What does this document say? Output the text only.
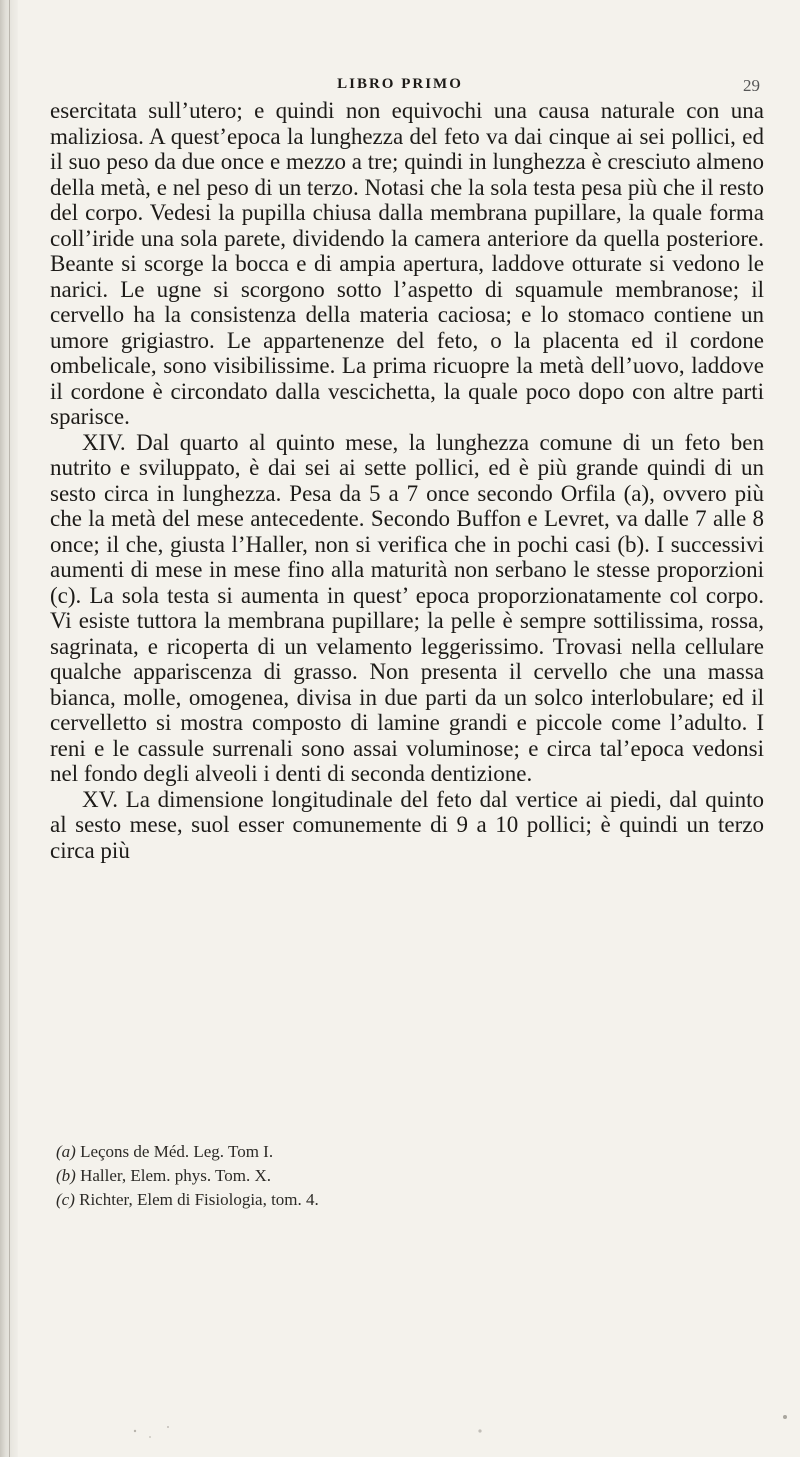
LIBRO PRIMO	29

esercitata sull’utero; e quindi non equivochi una causa naturale con una maliziosa. A quest’epoca la lunghezza del feto va dai cinque ai sei pollici, ed il suo peso da due once e mezzo a tre; quindi in lunghezza è cresciuto almeno della metà, e nel peso di un terzo. Notasi che la sola testa pesa più che il resto del corpo. Vedesi la pupilla chiusa dalla membrana pupillare, la quale forma coll’iride una sola parete, dividendo la camera anteriore da quella posteriore. Beante si scorge la bocca e di ampia apertura, laddove otturate si vedono le narici. Le ugne si scorgono sotto l’aspetto di squamule membranose; il cervello ha la consistenza della materia caciosa; e lo stomaco contiene un umore grigiastro. Le appartenenze del feto, o la placenta ed il cordone ombelicale, sono visibilissime. La prima ricuopre la metà dell’uovo, laddove il cordone è circondato dalla vescichetta, la quale poco dopo con altre parti sparisce.

XIV. Dal quarto al quinto mese, la lunghezza comune di un feto ben nutrito e sviluppato, è dai sei ai sette pollici, ed è più grande quindi di un sesto circa in lunghezza. Pesa da 5 a 7 once secondo Orfila (a), ovvero più che la metà del mese antecedente. Secondo Buffon e Levret, va dalle 7 alle 8 once; il che, giusta l’Haller, non si verifica che in pochi casi (b). I successivi aumenti di mese in mese fino alla maturità non serbano le stesse proporzioni (c). La sola testa si aumenta in quest’ epoca proporzionatamente col corpo. Vi esiste tuttora la membrana pupillare; la pelle è sempre sottilissima, rossa, sagrinata, e ricoperta di un velamento leggerissimo. Trovasi nella cellulare qualche appariscenza di grasso. Non presenta il cervello che una massa bianca, molle, omogenea, divisa in due parti da un solco interlobulare; ed il cervelletto si mostra composto di lamine grandi e piccole come l’adulto. I reni e le cassule surrenali sono assai voluminose; e circa tal’epoca vedonsi nel fondo degli alveoli i denti di seconda dentizione.

XV. La dimensione longitudinale del feto dal vertice ai piedi, dal quinto al sesto mese, suol esser comunemente di 9 a 10 pollici; è quindi un terzo circa più

(a) Leçons de Méd. Leg. Tom I.
(b) Haller, Elem. phys. Tom. X.
(c) Richter, Elem di Fisiologia, tom. 4.
